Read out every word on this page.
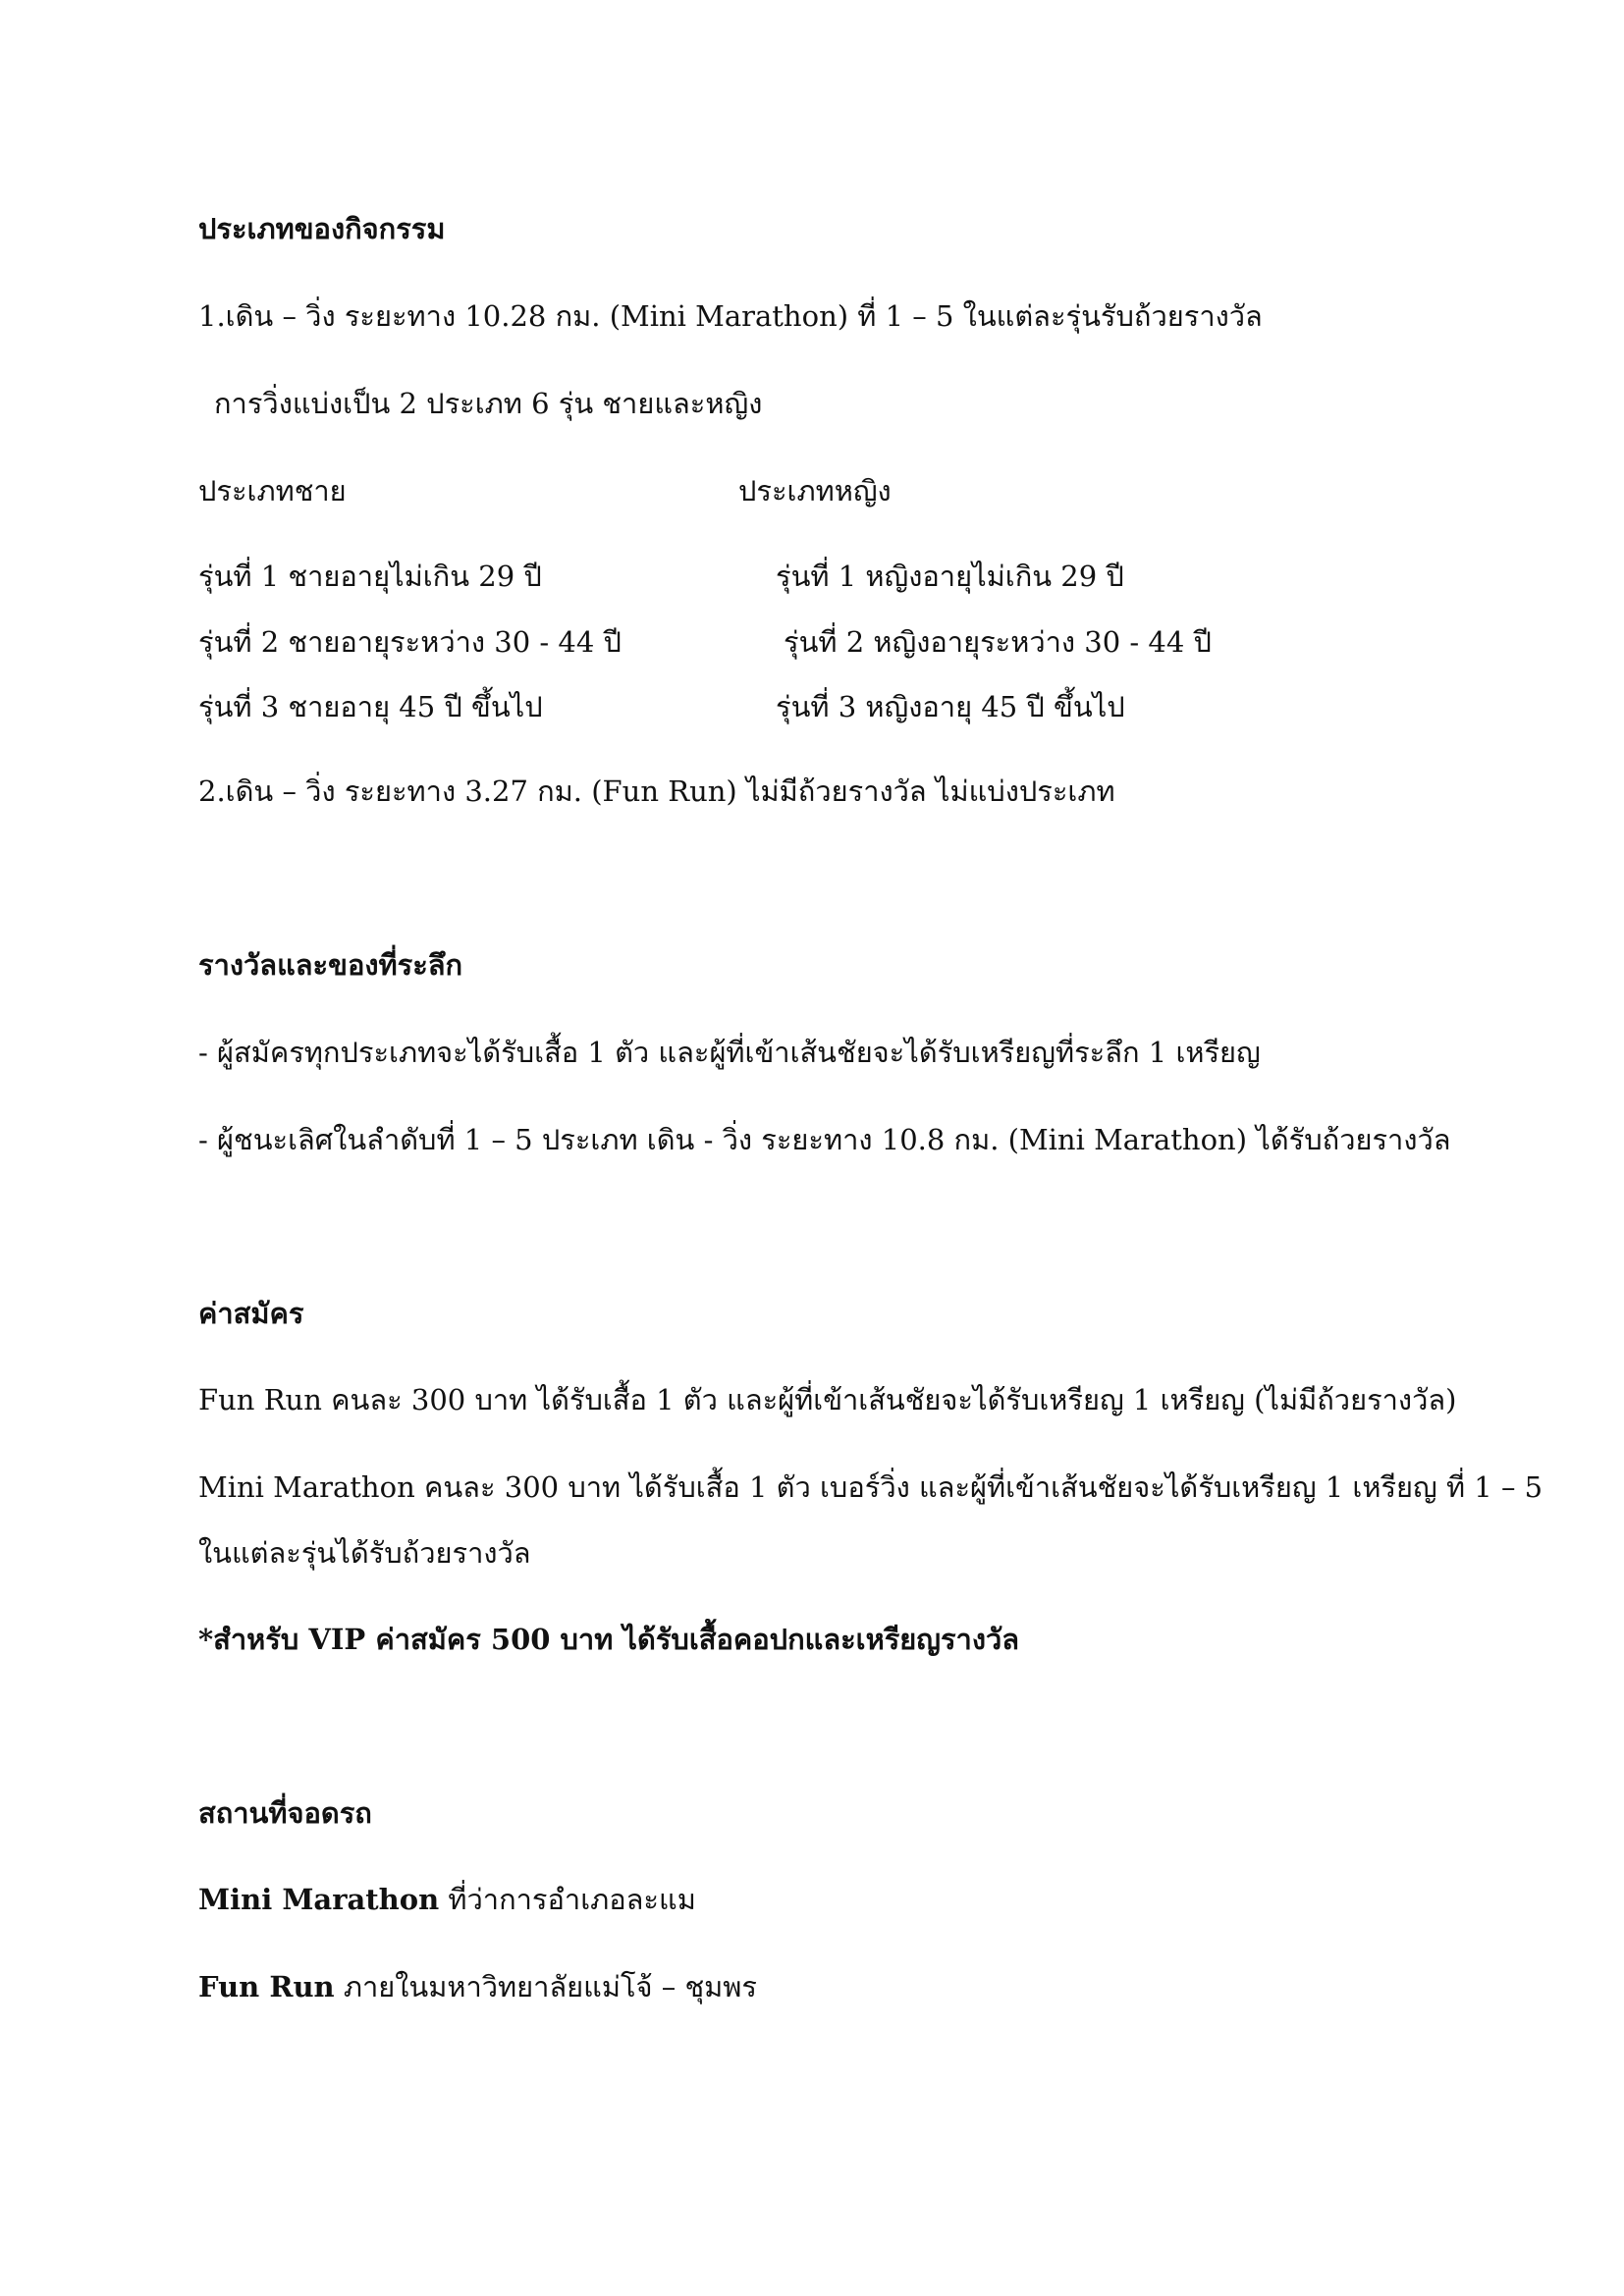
ประเภทของกิจกรรม
1.เดิน – วิ่ง ระยะทาง 10.28 กม. (Mini Marathon) ที่ 1 – 5 ในแต่ละรุ่นรับถ้วยรางวัล
การวิ่งแบ่งเป็น 2 ประเภท 6 รุ่น ชายและหญิง
ประเภทชาย	ประเภทหญิง
รุ่นที่ 1 ชายอายุไม่เกิน 29 ปี
รุ่นที่ 2 ชายอายุระหว่าง 30 - 44 ปี
รุ่นที่ 3 ชายอายุ 45 ปี ขึ้นไป
รุ่นที่ 1 หญิงอายุไม่เกิน 29 ปี
รุ่นที่ 2 หญิงอายุระหว่าง 30 - 44 ปี
รุ่นที่ 3 หญิงอายุ 45 ปี ขึ้นไป
2.เดิน – วิ่ง ระยะทาง 3.27 กม. (Fun Run) ไม่มีถ้วยรางวัล ไม่แบ่งประเภท
รางวัลและของที่ระลึก
- ผู้สมัครทุกประเภทจะได้รับเสื้อ 1 ตัว และผู้ที่เข้าเส้นชัยจะได้รับเหรียญที่ระลึก 1 เหรียญ
- ผู้ชนะเลิศในลำดับที่ 1 – 5 ประเภท เดิน - วิ่ง ระยะทาง 10.8 กม. (Mini Marathon) ได้รับถ้วยรางวัล
ค่าสมัคร
Fun Run คนละ 300 บาท ได้รับเสื้อ 1 ตัว และผู้ที่เข้าเส้นชัยจะได้รับเหรียญ 1 เหรียญ (ไม่มีถ้วยรางวัล)
Mini Marathon คนละ 300 บาท ได้รับเสื้อ 1 ตัว เบอร์วิ่ง และผู้ที่เข้าเส้นชัยจะได้รับเหรียญ 1 เหรียญ ที่ 1 – 5
ในแต่ละรุ่นได้รับถ้วยรางวัล
*สำหรับ VIP ค่าสมัคร 500 บาท ได้รับเสื้อคอปกและเหรียญรางวัล
สถานที่จอดรถ
Mini Marathon ที่ว่าการอำเภอละแม
Fun Run ภายในมหาวิทยาลัยแม่โจ้ – ชุมพร
